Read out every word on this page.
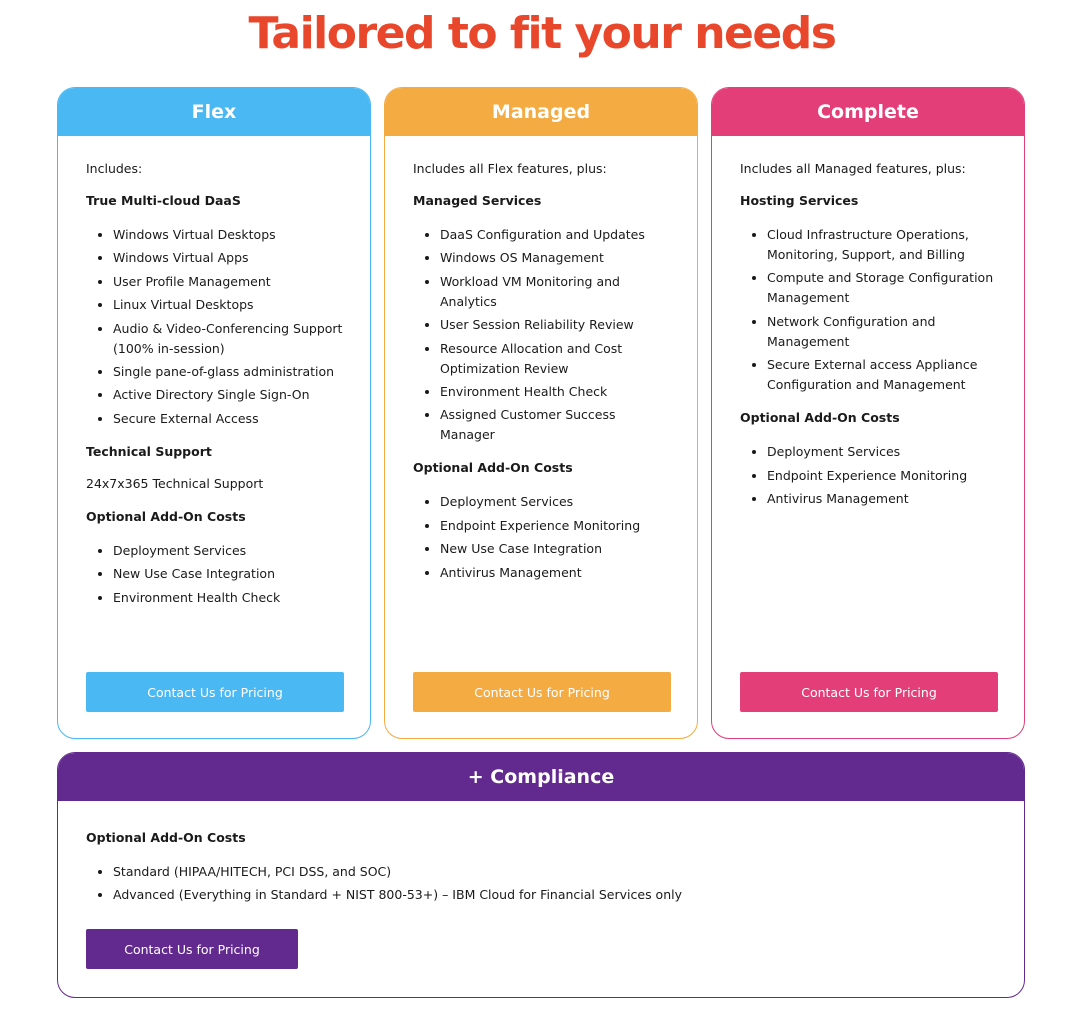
Tailored to fit your needs
Flex

Includes:

True Multi-cloud DaaS

Windows Virtual Desktops
Windows Virtual Apps
User Profile Management
Linux Virtual Desktops
Audio & Video-Conferencing Support (100% in-session)
Single pane-of-glass administration
Active Directory Single Sign-On
Secure External Access

Technical Support

24x7x365 Technical Support

Optional Add-On Costs

Deployment Services
New Use Case Integration
Environment Health Check
Contact Us for Pricing
Managed

Includes all Flex features, plus:

Managed Services

DaaS Configuration and Updates
Windows OS Management
Workload VM Monitoring and Analytics
User Session Reliability Review
Resource Allocation and Cost Optimization Review
Environment Health Check
Assigned Customer Success Manager

Optional Add-On Costs

Deployment Services
Endpoint Experience Monitoring
New Use Case Integration
Antivirus Management
Contact Us for Pricing
Complete

Includes all Managed features, plus:

Hosting Services

Cloud Infrastructure Operations, Monitoring, Support, and Billing
Compute and Storage Configuration Management
Network Configuration and Management
Secure External access Appliance Configuration and Management

Optional Add-On Costs

Deployment Services
Endpoint Experience Monitoring
Antivirus Management
Contact Us for Pricing
+ Compliance

Optional Add-On Costs

Standard (HIPAA/HITECH, PCI DSS, and SOC)
Advanced (Everything in Standard + NIST 800-53+) – IBM Cloud for Financial Services only
Contact Us for Pricing
